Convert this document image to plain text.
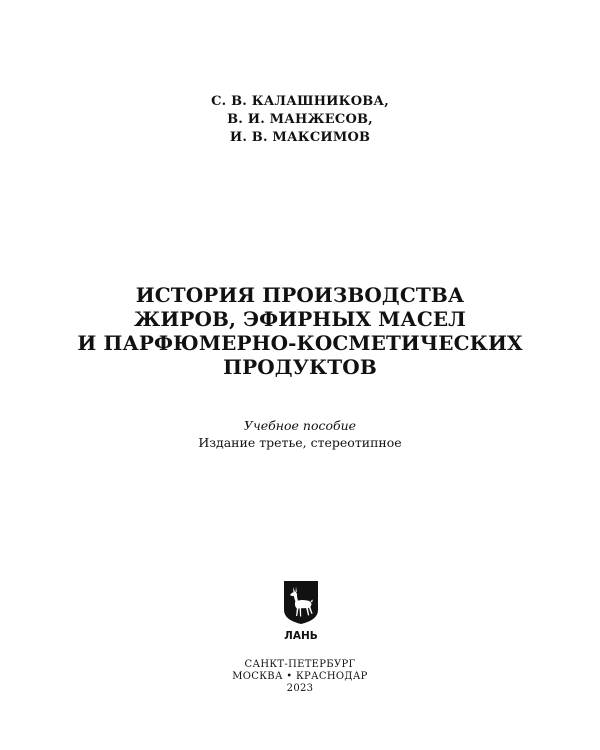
С. В. КАЛАШНИКОВА,
В. И. МАНЖЕСОВ,
И. В. МАКСИМОВ
ИСТОРИЯ ПРОИЗВОДСТВА
ЖИРОВ, ЭФИРНЫХ МАСЕЛ
И ПАРФЮМЕРНО-КОСМЕТИЧЕСКИХ
ПРОДУКТОВ
Учебное пособие
Издание третье, стереотипное
ЛАНЬ
САНКТ-ПЕТЕРБУРГ
МОСКВА • КРАСНОДАР
2023
